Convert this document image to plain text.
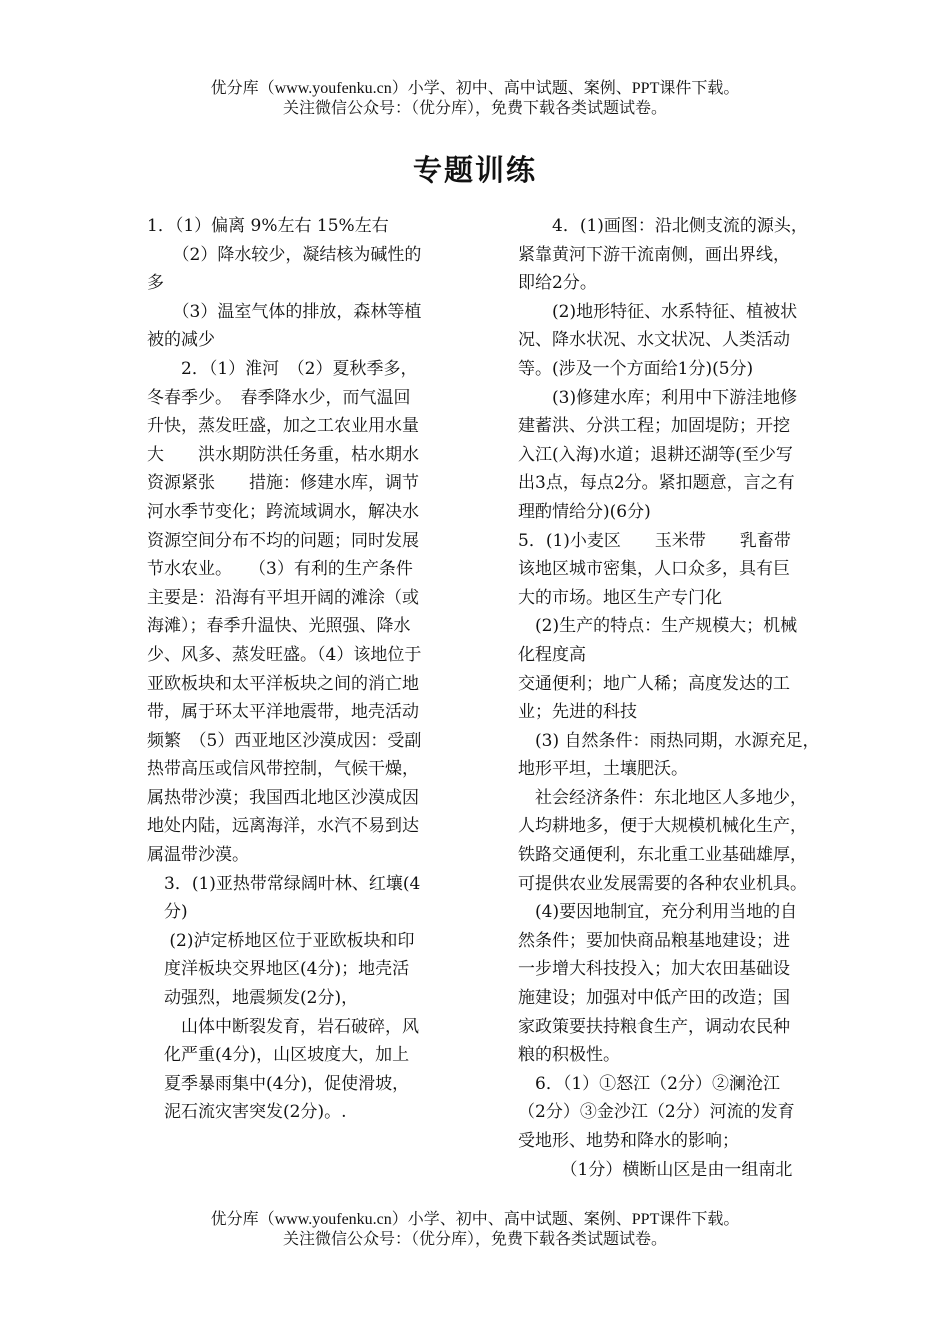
优分库（www.youfenku.cn）小学、初中、高中试题、案例、PPT课件下载。
关注微信公众号：（优分库），免费下载各类试题试卷。
专题训练

1．（1）偏离 9%左右 15%左右

　　（2）降水较少，凝结核为碱性的

多

　　（3）温室气体的排放，森林等植

被的减少

　　2．（1）淮河　（2）夏秋季多，

冬春季少。　春季降水少，而气温回

升快，蒸发旺盛，加之工农业用水量

大　　洪水期防洪任务重，枯水期水

资源紧张　　措施：修建水库，调节

河水季节变化；跨流域调水，解决水

资源空间分布不均的问题；同时发展

节水农业。　　（3）有利的生产条件

主要是：沿海有平坦开阔的滩涂（或

海滩）；春季升温快、光照强、降水

少、风多、蒸发旺盛。（4）该地位于

亚欧板块和太平洋板块之间的消亡地

带，属于环太平洋地震带，地壳活动

频繁　（5）西亚地区沙漠成因：受副

热带高压或信风带控制，气候干燥，

属热带沙漠；我国西北地区沙漠成因

地处内陆，远离海洋，水汽不易到达

属温带沙漠。

　3．(1)亚热带常绿阔叶林、红壤(4

　分)

　 (2)泸定桥地区位于亚欧板块和印

　度洋板块交界地区(4分)；地壳活

　动强烈，地震频发(2分)，

　　山体中断裂发育，岩石破碎，风

　化严重(4分)，山区坡度大，加上

　夏季暴雨集中(4分)，促使滑坡，

　泥石流灾害突发(2分)。.

　　4．(1)画图：沿北侧支流的源头，

紧靠黄河下游干流南侧，画出界线，

即给2分。

　　(2)地形特征、水系特征、植被状

况、降水状况、水文状况、人类活动

等。(涉及一个方面给1分)(5分)

　　(3)修建水库；利用中下游洼地修

建蓄洪、分洪工程；加固堤防；开挖

入江(入海)水道；退耕还湖等(至少写

出3点，每点2分。紧扣题意，言之有

理酌情给分)(6分)

5．(1)小麦区　　玉米带　　乳畜带

该地区城市密集，人口众多，具有巨

大的市场。地区生产专门化

　(2)生产的特点：生产规模大；机械

化程度高

交通便利；地广人稀；高度发达的工

业；先进的科技

　(3) 自然条件：雨热同期，水源充足，

地形平坦，土壤肥沃。

　社会经济条件：东北地区人多地少，

人均耕地多，便于大规模机械化生产，

铁路交通便利，东北重工业基础雄厚，

可提供农业发展需要的各种农业机具。

　(4)要因地制宜，充分利用当地的自

然条件；要加快商品粮基地建设；进

一步增大科技投入；加大农田基础设

施建设；加强对中低产田的改造；国

家政策要扶持粮食生产，调动农民种

粮的积极性。

　6．（1）①怒江（2分）②澜沧江

（2分）③金沙江（2分）河流的发育

受地形、地势和降水的影响；

　　　（1分）横断山区是由一组南北

优分库（www.youfenku.cn）小学、初中、高中试题、案例、PPT课件下载。
关注微信公众号：（优分库），免费下载各类试题试卷。
